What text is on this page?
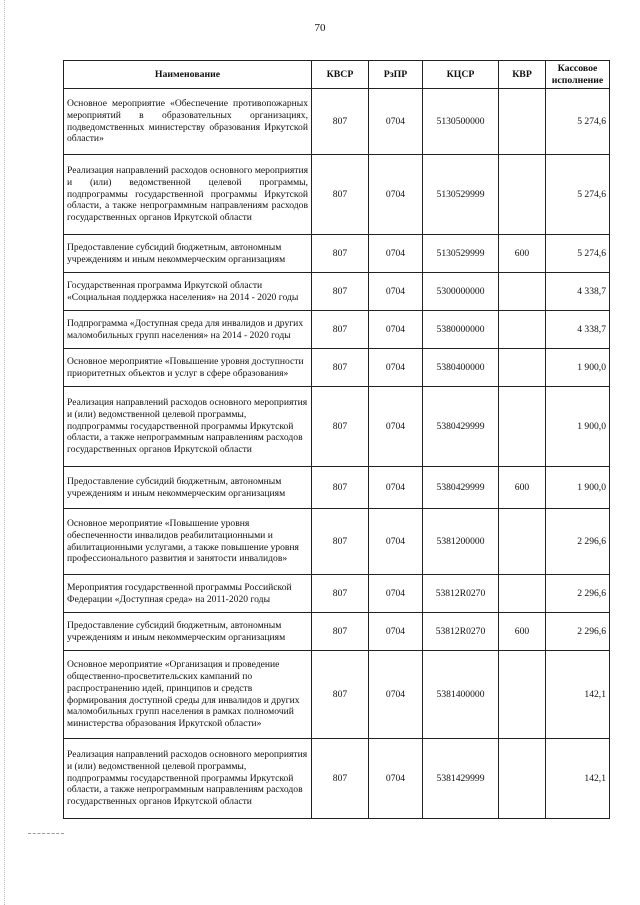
70
Наименование	КВСР	РзПР	КЦСР	КВР	Кассовое исполнение
Основное мероприятие «Обеспечение противопожарных мероприятий в образовательных организациях, подведомственных министерству образования Иркутской области»	807	0704	5130500000		5 274,6
Реализация направлений расходов основного мероприятия и (или) ведомственной целевой программы, подпрограммы государственной программы Иркутской области, а также непрограммным направлениям расходов государственных органов Иркутской области	807	0704	5130529999		5 274,6
Предоставление субсидий бюджетным, автономным учреждениям и иным некоммерческим организациям	807	0704	5130529999	600	5 274,6
Государственная программа Иркутской области «Социальная поддержка населения» на 2014 - 2020 годы	807	0704	5300000000		4 338,7
Подпрограмма «Доступная среда для инвалидов и других маломобильных групп населения» на 2014 - 2020 годы	807	0704	5380000000		4 338,7
Основное мероприятие «Повышение уровня доступности приоритетных объектов и услуг в сфере образования»	807	0704	5380400000		1 900,0
Реализация направлений расходов основного мероприятия и (или) ведомственной целевой программы, подпрограммы государственной программы Иркутской области, а также непрограммным направлениям расходов государственных органов Иркутской области	807	0704	5380429999		1 900,0
Предоставление субсидий бюджетным, автономным учреждениям и иным некоммерческим организациям	807	0704	5380429999	600	1 900,0
Основное мероприятие «Повышение уровня обеспеченности инвалидов реабилитационными и абилитационными услугами, а также повышение уровня профессионального развития и занятости инвалидов»	807	0704	5381200000		2 296,6
Мероприятия государственной программы Российской Федерации «Доступная среда» на 2011-2020 годы	807	0704	53812R0270		2 296,6
Предоставление субсидий бюджетным, автономным учреждениям и иным некоммерческим организациям	807	0704	53812R0270	600	2 296,6
Основное мероприятие «Организация и проведение общественно-просветительских кампаний по распространению идей, принципов и средств формирования доступной среды для инвалидов и других маломобильных групп населения в рамках полномочий министерства образования Иркутской области»	807	0704	5381400000		142,1
Реализация направлений расходов основного мероприятия и (или) ведомственной целевой программы, подпрограммы государственной программы Иркутской области, а также непрограммным направлениям расходов государственных органов Иркутской области	807	0704	5381429999		142,1
